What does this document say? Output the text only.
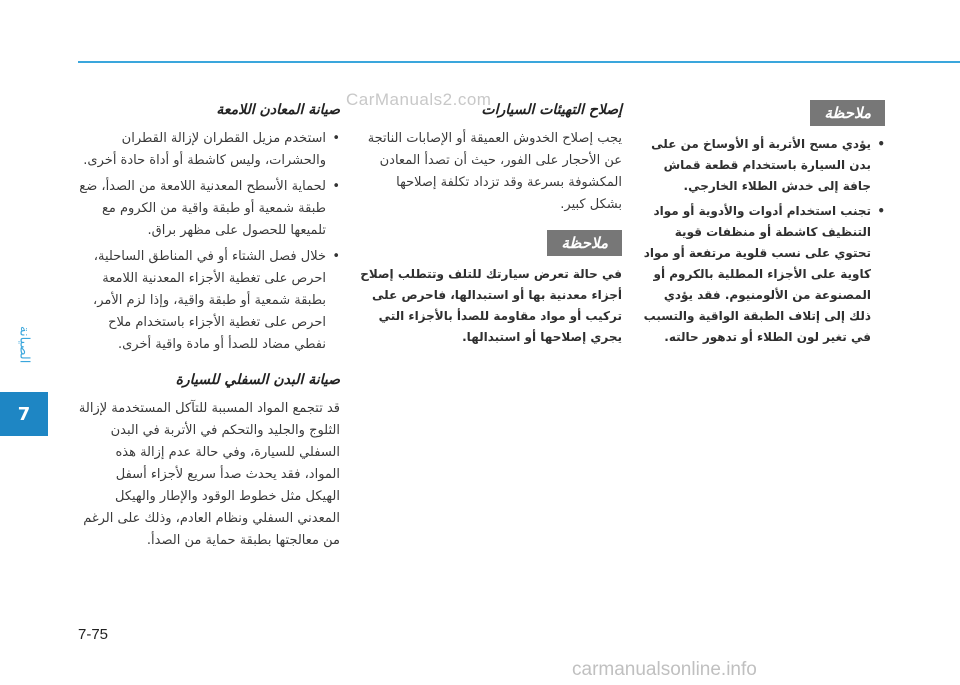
الصيانة
7
CarManuals2.com
ملاحظة
• يؤدي مسح الأتربة أو الأوساخ من على بدن السيارة باستخدام قطعة قماش جافة إلى خدش الطلاء الخارجي.
• تجنب استخدام أدوات والأدوية أو مواد التنظيف كاشطة أو منظفات قوية تحتوي على نسب قلوية مرتفعة أو مواد كاوية على الأجزاء المطلية بالكروم أو المصنوعة من الألومنيوم. فقد يؤدي ذلك إلى إتلاف الطبقة الواقية والتسبب في تغير لون الطلاء أو تدهور حالته.
إصلاح التهيئات السيارات

يجب إصلاح الخدوش العميقة أو الإصابات الناتجة عن الأحجار على الفور، حيث أن تصدأ المعادن المكشوفة بسرعة وقد تزداد تكلفة إصلاحها بشكل كبير.

ملاحظة

في حالة تعرض سيارتك للتلف وتتطلب إصلاح أجزاء معدنية بها أو استبدالها، فاحرص على تركيب أو مواد مقاومة للصدأ بالأجزاء التي يجري إصلاحها أو استبدالها.

صيانة المعادن اللامعة
• استخدم مزيل القطران لإزالة القطران والحشرات، وليس كاشطة أو أداة حادة أخرى.
• لحماية الأسطح المعدنية اللامعة من الصدأ، ضع طبقة شمعية أو طبقة واقية من الكروم مع تلميعها للحصول على مظهر براق.
• خلال فصل الشتاء أو في المناطق الساحلية، احرص على تغطية الأجزاء المعدنية اللامعة بطبقة شمعية أو طبقة واقية، وإذا لزم الأمر، احرص على تغطية الأجزاء باستخدام ملاح نفطي مضاد للصدأ أو مادة واقية أخرى.
صيانة البدن السفلي للسيارة

قد تتجمع المواد المسببة للتآكل المستخدمة لإزالة الثلوج والجليد والتحكم في الأتربة في البدن السفلي للسيارة، وفي حالة عدم إزالة هذه المواد، فقد يحدث صدأ سريع لأجزاء أسفل الهيكل مثل خطوط الوقود والإطار والهيكل المعدني السفلي ونظام العادم، وذلك على الرغم من معالجتها بطبقة حماية من الصدأ.

7-75
carmanualsonline.info
